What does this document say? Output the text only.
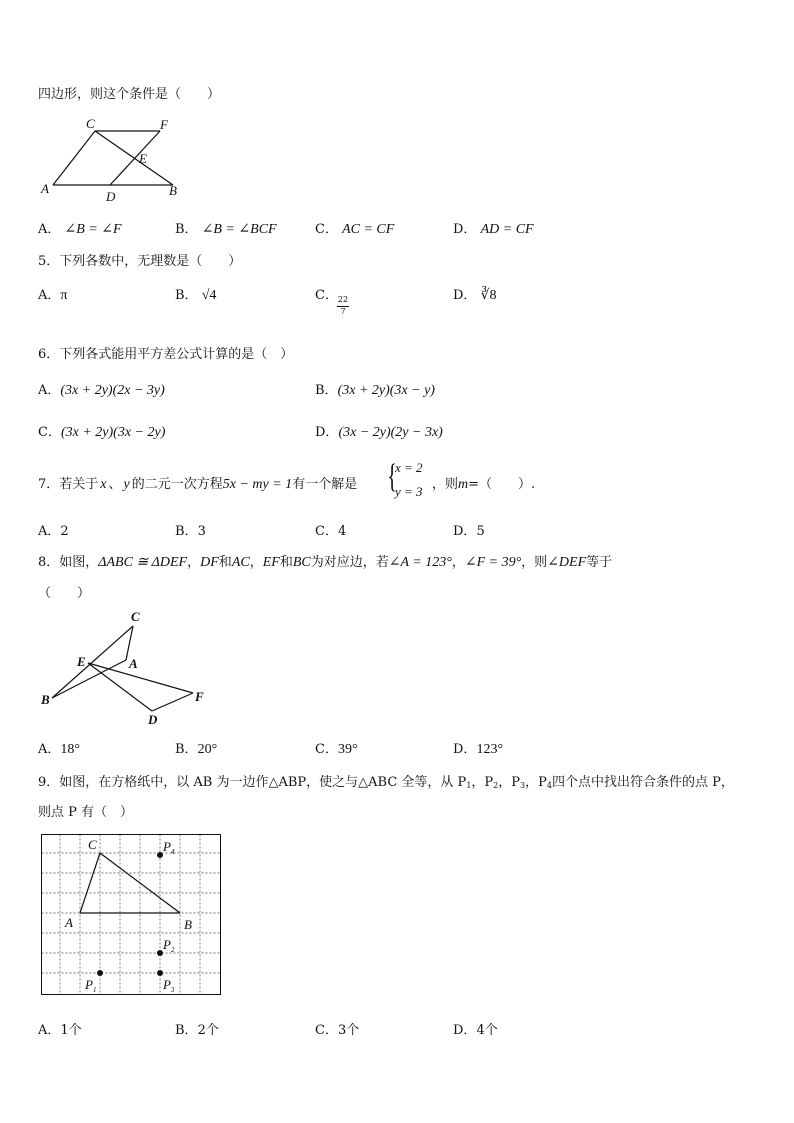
四边形，则这个条件是（　　）
C	F
E
A
D	B
A． ∠B = ∠F	B． ∠B = ∠BCF	C． AC = CF	D． AD = CF
5．下列各数中，无理数是（　　）
A．π	B． √4	C． 22
7
D． ∛8
6．下列各式能用平方差公式计算的是（　）
A．(3x + 2y)(2x − 3y)	B．(3x + 2y)(3x − y)
C．(3x + 2y)(3x − 2y)	D．(3x − 2y)(2y − 3x)
7．若关于 x 、 y 的二元一次方程5x − my = 1有一个解是 {
x = 2
y = 3 ，则m=（　　）.
A．2	B．3	C．4	D．5
8．如图，ΔABC ≅ ΔDEF，DF和AC，EF和BC为对应边，若∠A = 123°，∠F = 39°，则∠DEF等于
（　　）
C
E	A
B	F
D
A．18°	B．20°	C．39°	D．123°
9．如图，在方格纸中，以 AB 为一边作△ABP，使之与△ABC 全等，从 $P_1$，$P_2$，$P_3$，$P_4$四个点中找出符合条件的点 P，
则点 P 有（　）
C
A	B
$P_4$
$P_2$
$P_3$
$P_1$
A．1个	B．2个	C．3个	D．4个
